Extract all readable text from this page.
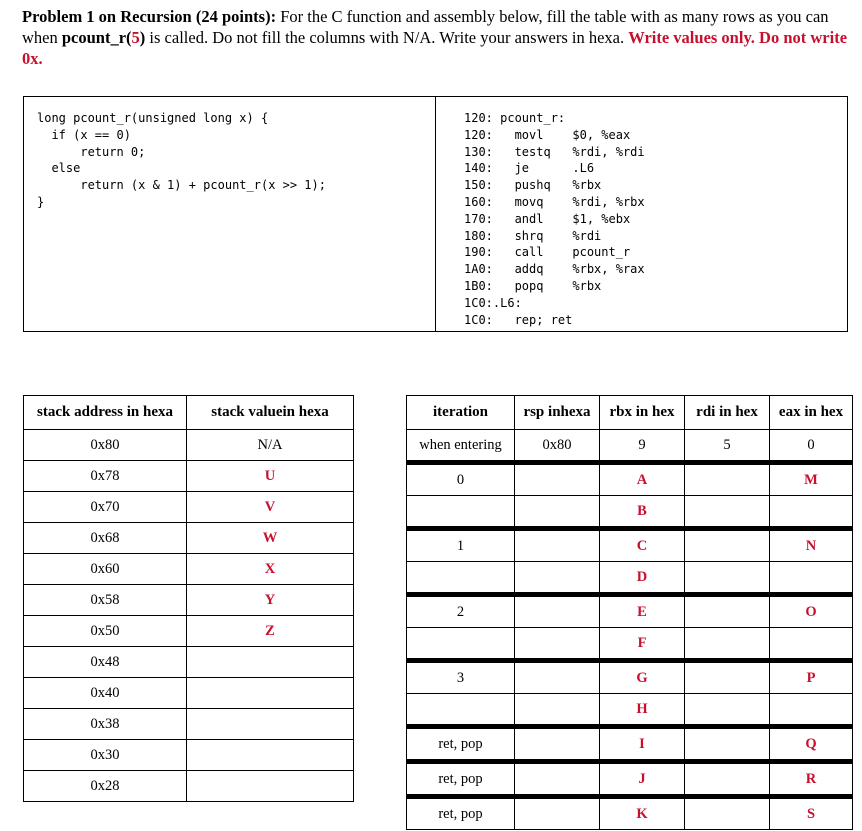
Problem 1 on Recursion (24 points): For the C function and assembly below, fill the table with as many rows as you can when pcount_r(5) is called. Do not fill the columns with N/A. Write your answers in hexa. Write values only. Do not write 0x.
long pcount_r(unsigned long x) {
if (x == 0)
return 0;
else
return (x & 1) + pcount_r(x >> 1);
}
120: pcount_r:
120:   movl    $0, %eax
130:   testq   %rdi, %rdi
140:   je      .L6
150:   pushq   %rbx
160:   movq    %rdi, %rbx
170:   andl    $1, %ebx
180:   shrq    %rdi
190:   call    pcount_r
1A0:   addq    %rbx, %rax
1B0:   popq    %rbx
1C0:.L6:
1C0:   rep; ret
stack address in hexa	stack valuein hexa
0x80	N/A
0x78	U
0x70	V
0x68	W
0x60	X
0x58	Y
0x50	Z
0x48	
0x40	
0x38	
0x30	
0x28	
iteration	rsp inhexa	rbx in hex	rdi in hex	eax in hex
when entering	0x80	9	5	0
0		A		M
		B		
1		C		N
		D		
2		E		O
		F		
3		G		P
		H		
ret, pop		I		Q
ret, pop		J		R
ret, pop		K		S
